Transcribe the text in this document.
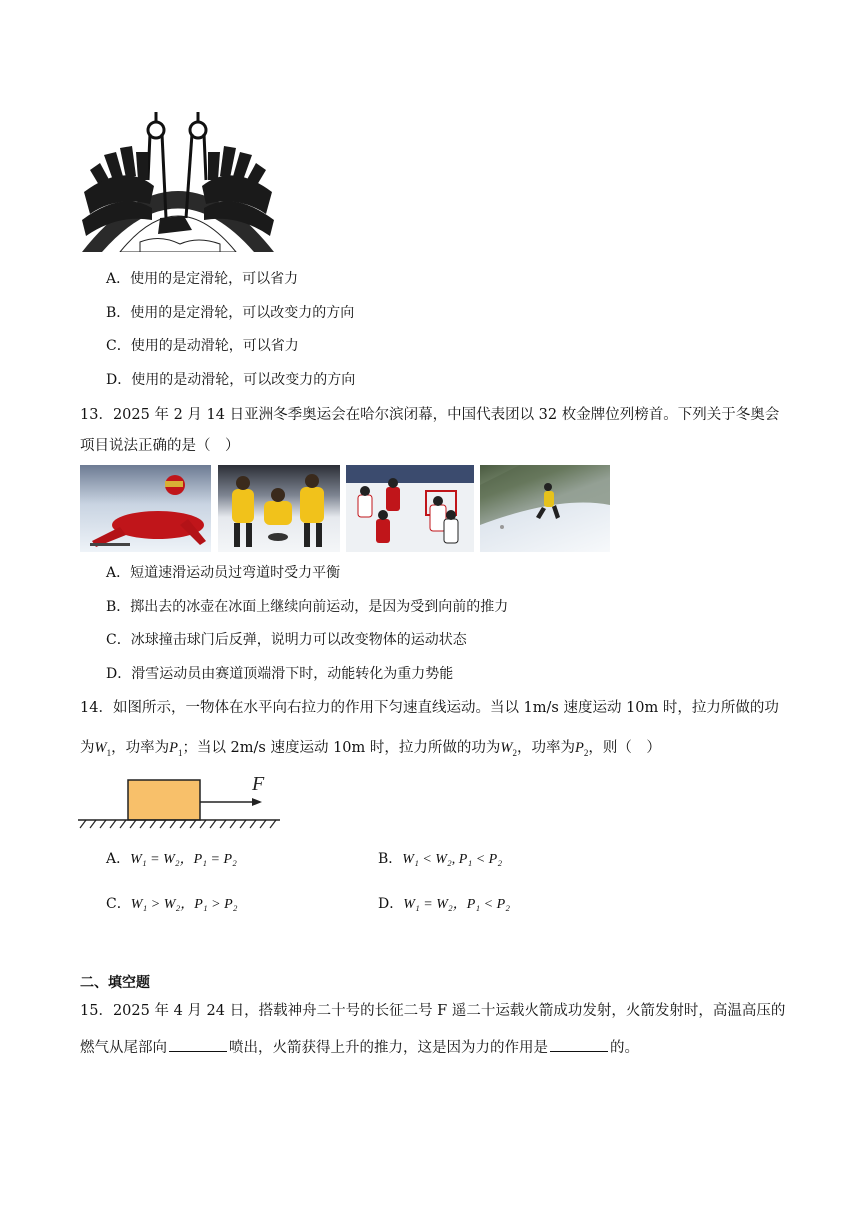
A．使用的是定滑轮，可以省力
B．使用的是定滑轮，可以改变力的方向
C．使用的是动滑轮，可以省力
D．使用的是动滑轮，可以改变力的方向
13．2025 年 2 月 14 日亚洲冬季奥运会在哈尔滨闭幕，中国代表团以 32 枚金牌位列榜首。下列关于冬奥会
项目说法正确的是（　）
A．短道速滑运动员过弯道时受力平衡
B．掷出去的冰壶在冰面上继续向前运动，是因为受到向前的推力
C．冰球撞击球门后反弹，说明力可以改变物体的运动状态
D．滑雪运动员由赛道顶端滑下时，动能转化为重力势能
14．如图所示，一物体在水平向右拉力的作用下匀速直线运动。当以 1m/s 速度运动 10m 时，拉力所做的功
为$W_1$，功率为$P_1$；当以 2m/s 速度运动 10m 时，拉力所做的功为$W_2$，功率为$P_2$，则（　）
F
A．W₁ = W₂，P₁ = P₂	B．W₁ < W₂, P₁ < P₂
C．W₁ > W₂，P₁ > P₂	D．W₁ = W₂，P₁ < P₂
二、填空题
15．2025 年 4 月 24 日，搭载神舟二十号的长征二号 F 遥二十运载火箭成功发射，火箭发射时，高温高压的
燃气从尾部向	喷出，火箭获得上升的推力，这是因为力的作用是	的。
